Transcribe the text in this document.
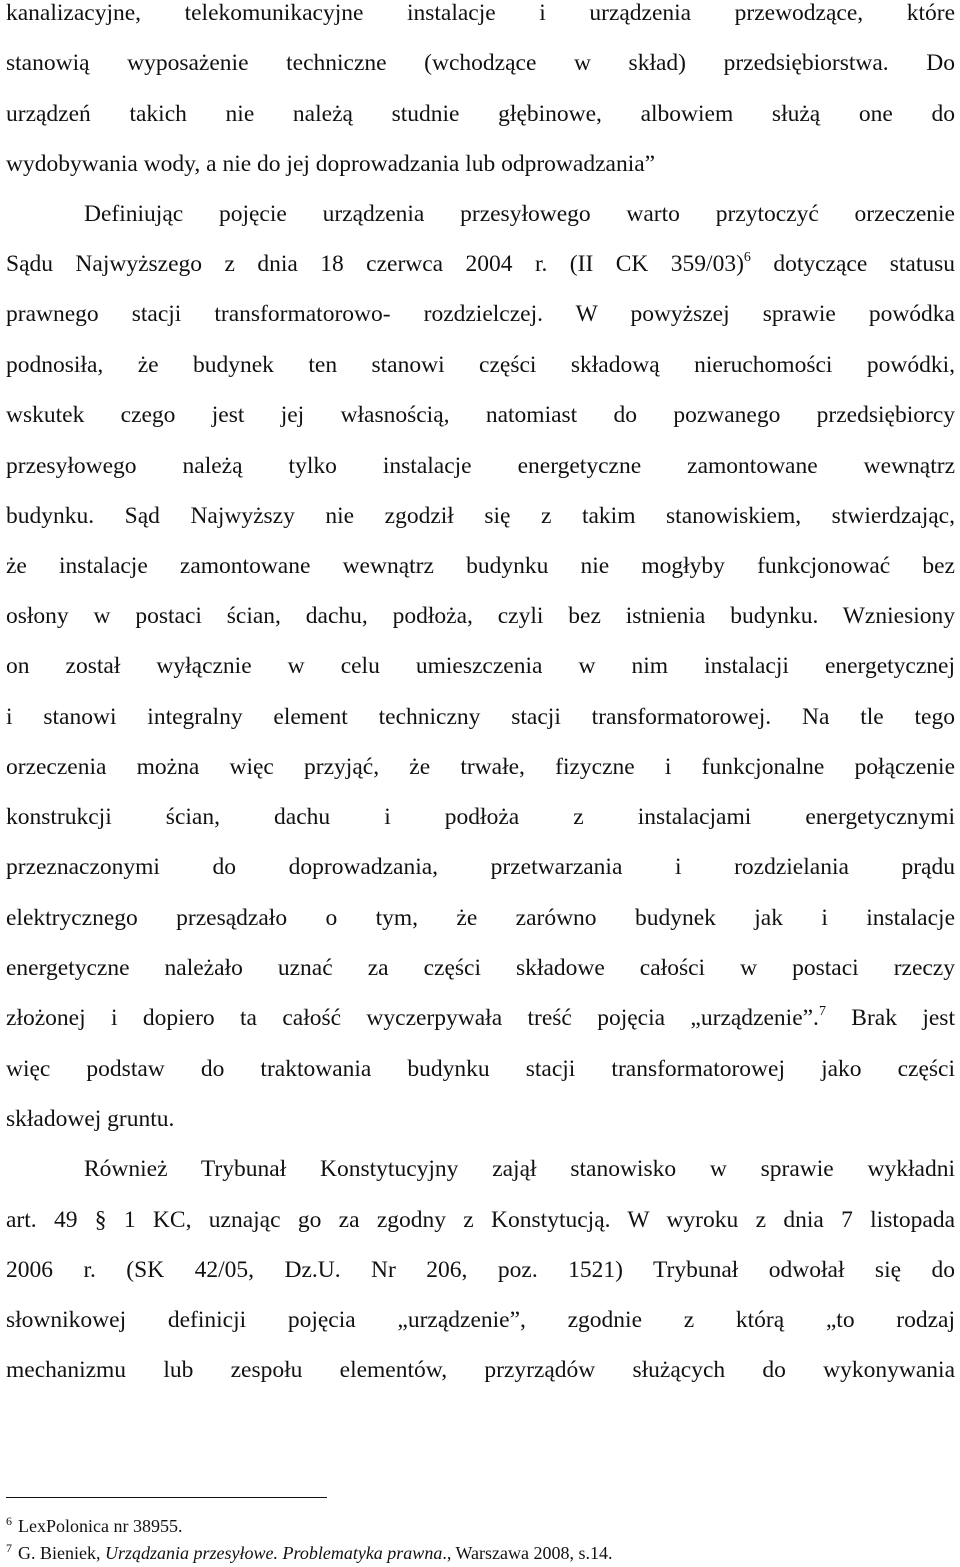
kanalizacyjne, telekomunikacyjne instalacje i urządzenia przewodzące, które
stanowią wyposażenie techniczne (wchodzące w skład) przedsiębiorstwa. Do
urządzeń takich nie należą studnie głębinowe, albowiem służą one do
wydobywania wody, a nie do jej doprowadzania lub odprowadzania”
Definiując pojęcie urządzenia przesyłowego warto przytoczyć orzeczenie
Sądu Najwyższego z dnia 18 czerwca 2004 r. (II CK 359/03)$^6$ dotyczące statusu
prawnego stacji transformatorowo- rozdzielczej. W powyższej sprawie powódka
podnosiła, że budynek ten stanowi części składową nieruchomości powódki,
wskutek czego jest jej własnością, natomiast do pozwanego przedsiębiorcy
przesyłowego należą tylko instalacje energetyczne zamontowane wewnątrz
budynku. Sąd Najwyższy nie zgodził się z takim stanowiskiem, stwierdzając,
że instalacje zamontowane wewnątrz budynku nie mogłyby funkcjonować bez
osłony w postaci ścian, dachu, podłoża, czyli bez istnienia budynku. Wzniesiony
on został wyłącznie w celu umieszczenia w nim instalacji energetycznej
i stanowi integralny element techniczny stacji transformatorowej. Na tle tego
orzeczenia można więc przyjąć, że trwałe, fizyczne i funkcjonalne połączenie
konstrukcji ścian, dachu i podłoża z instalacjami energetycznymi
przeznaczonymi do doprowadzania, przetwarzania i rozdzielania prądu
elektrycznego przesądzało o tym, że zarówno budynek jak i instalacje
energetyczne należało uznać za części składowe całości w postaci rzeczy
złożonej i dopiero ta całość wyczerpywała treść pojęcia „urządzenie”.$^7$ Brak jest
więc podstaw do traktowania budynku stacji transformatorowej jako części
składowej gruntu.
Również Trybunał Konstytucyjny zajął stanowisko w sprawie wykładni
art. 49 § 1 KC, uznając go za zgodny z Konstytucją. W wyroku z dnia 7 listopada
2006 r. (SK 42/05, Dz.U. Nr 206, poz. 1521) Trybunał odwołał się do
słownikowej definicji pojęcia „urządzenie”, zgodnie z którą „to rodzaj
mechanizmu lub zespołu elementów, przyrządów służących do wykonywania
$^6$ LexPolonica nr 38955.
$^7$ G. Bieniek, Urządzania przesyłowe. Problematyka prawna., Warszawa 2008, s.14.
